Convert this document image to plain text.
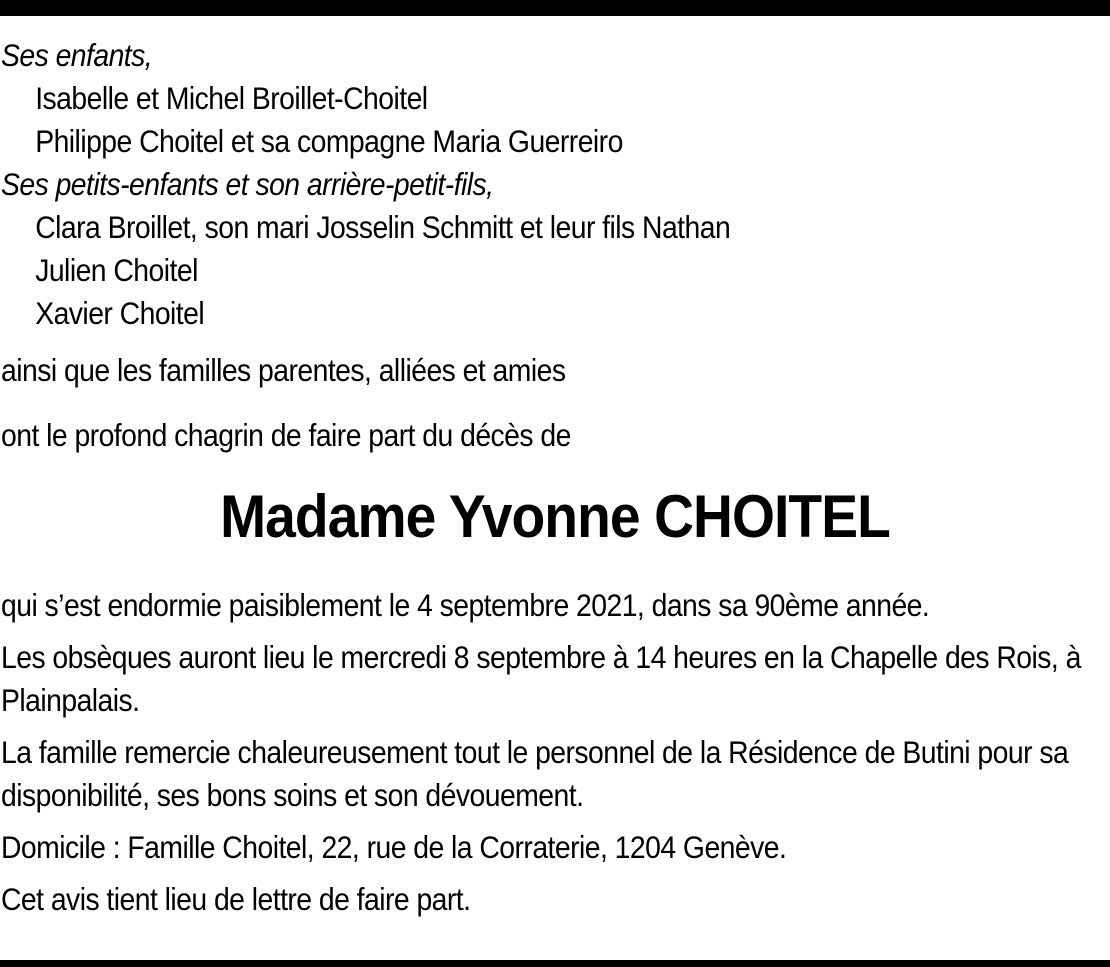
Ses enfants,
Isabelle et Michel Broillet-Choitel
Philippe Choitel et sa compagne Maria Guerreiro
Ses petits-enfants et son arrière-petit-fils,
Clara Broillet, son mari Josselin Schmitt et leur fils Nathan
Julien Choitel
Xavier Choitel
ainsi que les familles parentes, alliées et amies
ont le profond chagrin de faire part du décès de
Madame Yvonne CHOITEL

qui s’est endormie paisiblement le 4 septembre 2021, dans sa 90ème année.

Les obsèques auront lieu le mercredi 8 septembre à 14 heures en la Chapelle des Rois, à Plainpalais.

La famille remercie chaleureusement tout le personnel de la Résidence de Butini pour sa disponibilité, ses bons soins et son dévouement.

Domicile : Famille Choitel, 22, rue de la Corraterie, 1204 Genève.

Cet avis tient lieu de lettre de faire part.
